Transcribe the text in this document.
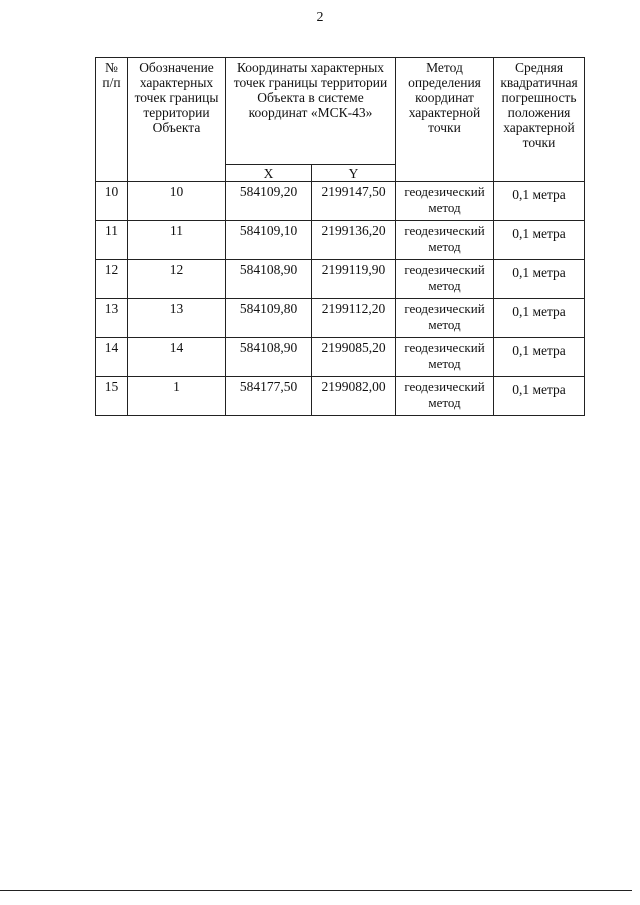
2
№ п/п	Обозначение характерных точек границы территории Объекта	Координаты характерных точек границы территории Объекта в системе координат «МСК-43»		Метод определения координат характерной точки	Средняя квадратичная погрешность положения характерной точки
		X	Y		
10	10	584109,20	2199147,50	геодезический метод	0,1 метра
11	11	584109,10	2199136,20	геодезический метод	0,1 метра
12	12	584108,90	2199119,90	геодезический метод	0,1 метра
13	13	584109,80	2199112,20	геодезический метод	0,1 метра
14	14	584108,90	2199085,20	геодезический метод	0,1 метра
15	1	584177,50	2199082,00	геодезический метод	0,1 метра
